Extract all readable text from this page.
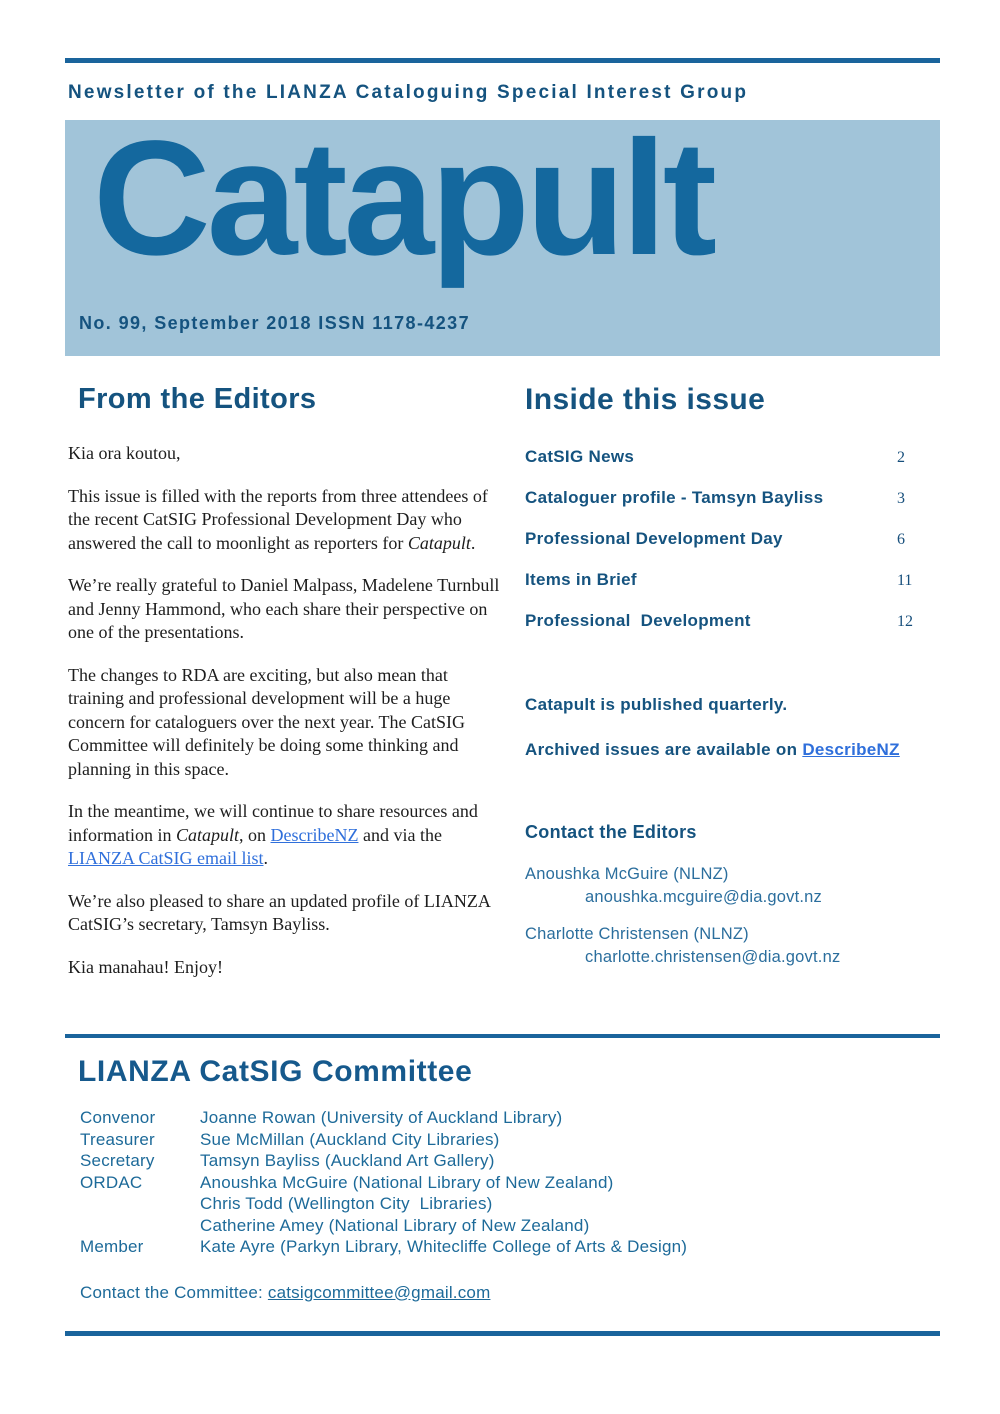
Newsletter of the LIANZA Cataloguing Special Interest Group
Catapult
No. 99, September 2018 ISSN 1178-4237
From the Editors

Kia ora koutou,

This issue is filled with the reports from three attendees of the recent CatSIG Professional Development Day who answered the call to moonlight as reporters for Catapult.

We’re really grateful to Daniel Malpass, Madelene Turnbull and Jenny Hammond, who each share their perspective on one of the presentations.

The changes to RDA are exciting, but also mean that training and professional development will be a huge concern for cataloguers over the next year. The CatSIG Committee will definitely be doing some thinking and planning in this space.

In the meantime, we will continue to share resources and information in Catapult, on DescribeNZ and via the LIANZA CatSIG email list.

We’re also pleased to share an updated profile of LIANZA CatSIG’s secretary, Tamsyn Bayliss.

Kia manahau! Enjoy!

Inside this issue
CatSIG News	2
Cataloguer profile - Tamsyn Bayliss	3
Professional Development Day	6
Items in Brief	11
Professional  Development	12
Catapult is published quarterly.
Archived issues are available on DescribeNZ
Contact the Editors
Anoushka McGuire (NLNZ)
anoushka.mcguire@dia.govt.nz
Charlotte Christensen (NLNZ)
charlotte.christensen@dia.govt.nz
LIANZA CatSIG Committee
Convenor	Joanne Rowan (University of Auckland Library)
Treasurer	Sue McMillan (Auckland City Libraries)
Secretary	Tamsyn Bayliss (Auckland Art Gallery)
ORDAC	Anoushka McGuire (National Library of New Zealand)
Chris Todd (Wellington City  Libraries)
Catherine Amey (National Library of New Zealand)
Member	Kate Ayre (Parkyn Library, Whitecliffe College of Arts & Design)
Contact the Committee: catsigcommittee@gmail.com
